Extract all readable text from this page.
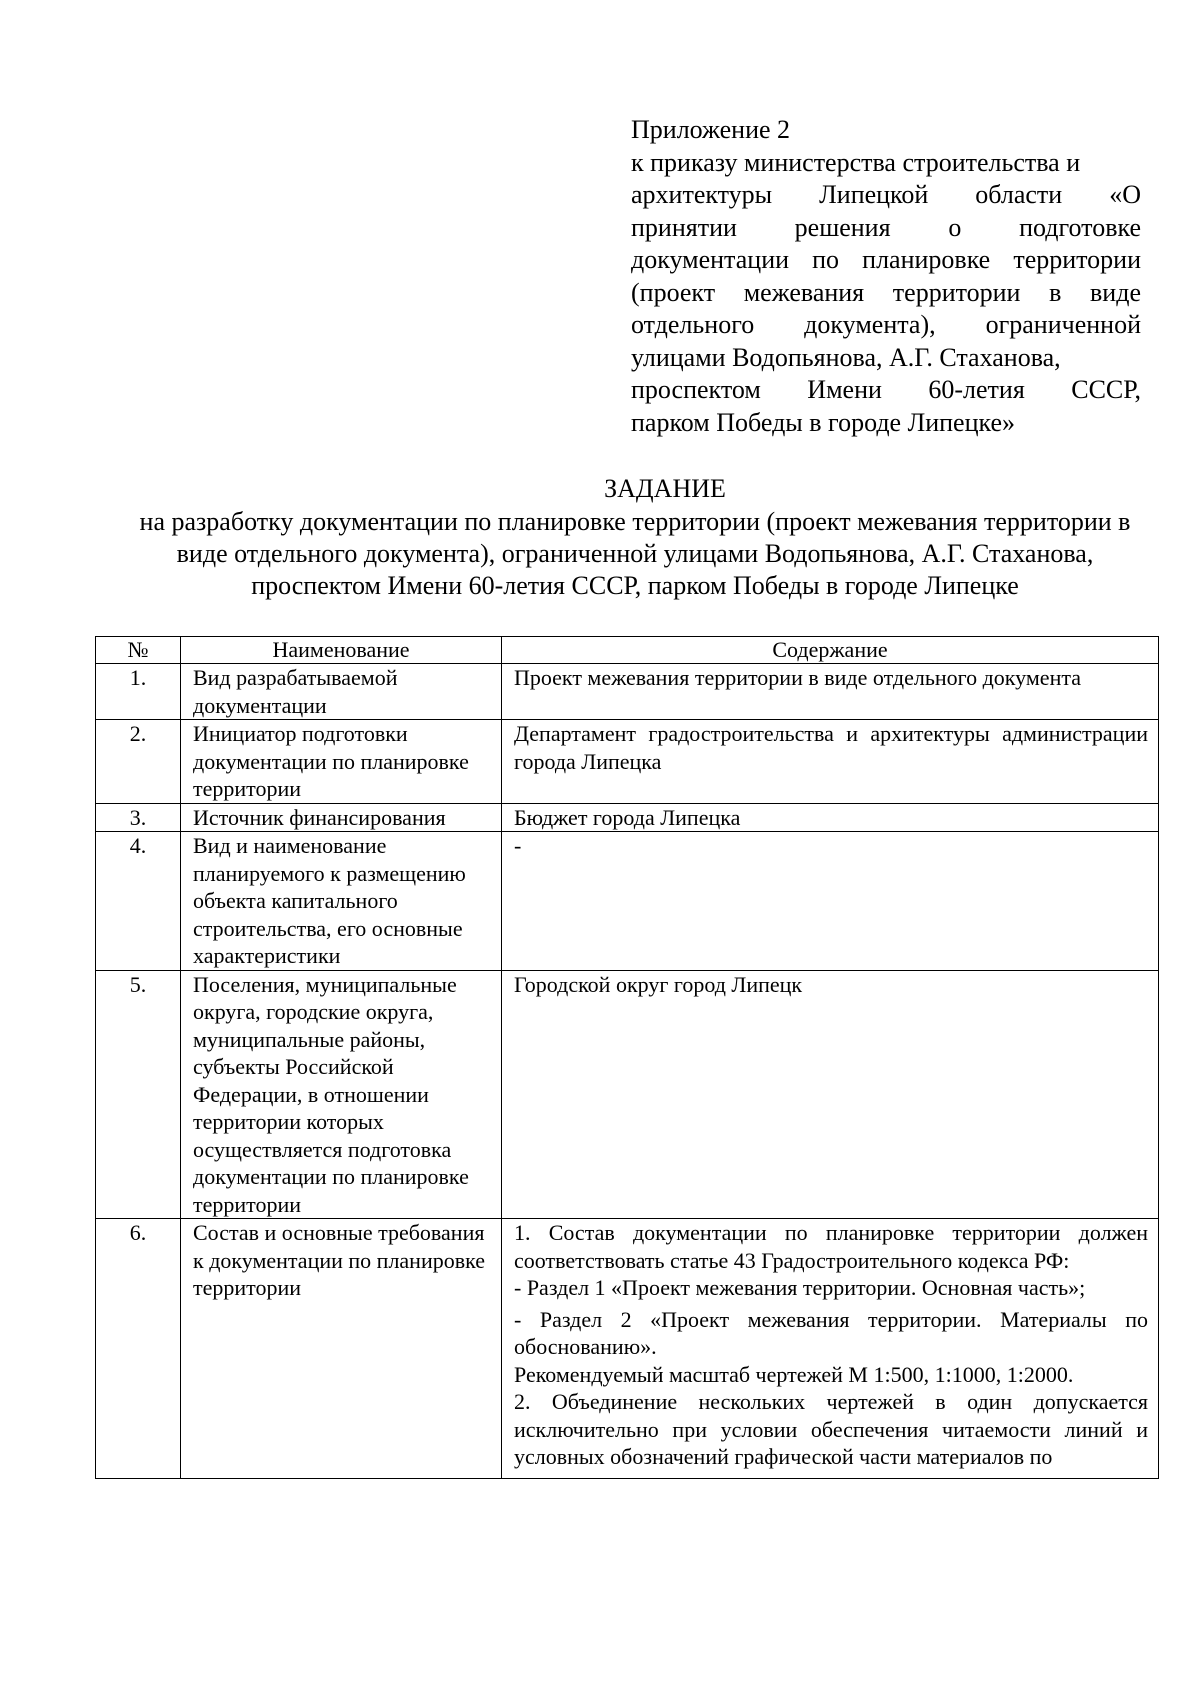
Приложение 2
к приказу министерства строительства и
архитектуры Липецкой области «О
принятии решения о подготовке
документации по планировке территории
(проект межевания территории в виде
отдельного документа), ограниченной
улицами Водопьянова, А.Г. Стаханова,
проспектом Имени 60-летия СССР,
парком Победы в городе Липецке»
ЗАДАНИЕ
на разработку документации по планировке территории (проект межевания территории в виде отдельного документа), ограниченной улицами Водопьянова, А.Г. Стаханова, проспектом Имени 60-летия СССР, парком Победы в городе Липецке
№	Наименование	Содержание
1.	Вид разрабатываемой документации	Проект межевания территории в виде отдельного документа
2.	Инициатор подготовки документации по планировке территории	Департамент градостроительства и архитектуры администрации города Липецка
3.	Источник финансирования	Бюджет города Липецка
4.	Вид и наименование планируемого к размещению объекта капитального строительства, его основные характеристики	-
5.	Поселения, муниципальные округа, городские округа, муниципальные районы, субъекты Российской Федерации, в отношении территории которых осуществляется подготовка документации по планировке территории	Городской округ город Липецк
6.	Состав и основные требования к документации по планировке территории	1. Состав документации по планировке территории должен соответствовать статье 43 Градостроительного кодекса РФ:

- Раздел 1 «Проект межевания территории. Основная часть»;

- Раздел 2 «Проект межевания территории. Материалы по обоснованию».

Рекомендуемый масштаб чертежей М 1:500, 1:1000, 1:2000.

2. Объединение нескольких чертежей в один допускается исключительно при условии обеспечения читаемости линий и условных обозначений графической части материалов по
